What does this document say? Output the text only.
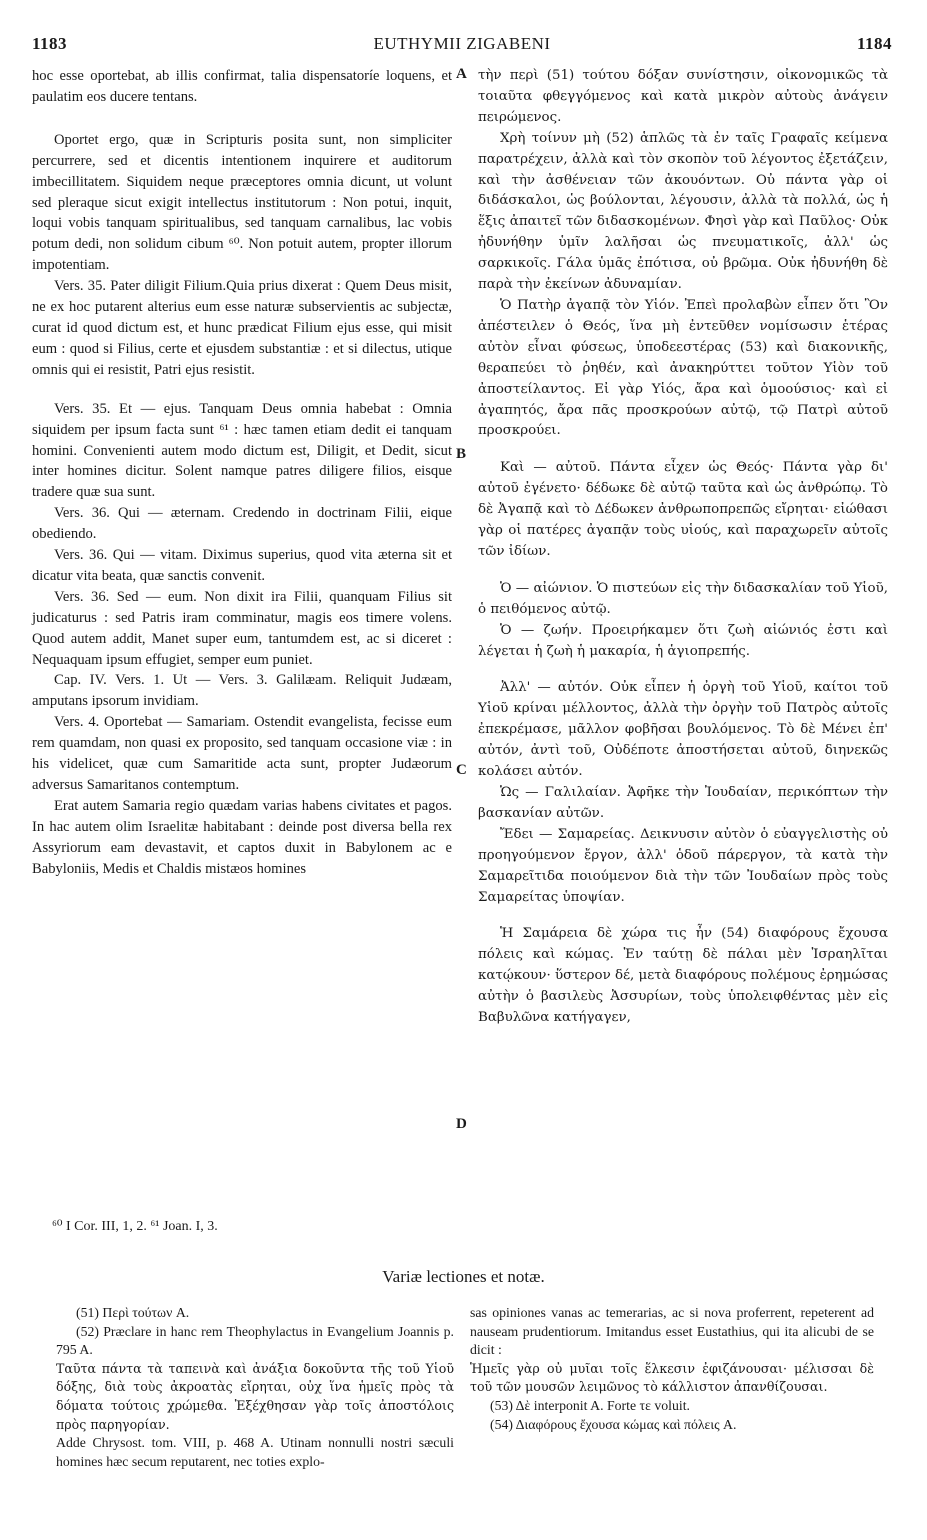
1183	EUTHYMII ZIGABENI	1184
A
B
C
D

hoc esse oportebat, ab illis confirmat, talia dispensatoríe loquens, et paulatim eos ducere tentans.

Oportet ergo, quæ in Scripturis posita sunt, non simpliciter percurrere, sed et dicentis intentionem inquirere et auditorum imbecillitatem. Siquidem neque præceptores omnia dicunt, ut volunt sed pleraque sicut exigit intellectus institutorum : Non potui, inquit, loqui vobis tanquam spiritualibus, sed tanquam carnalibus, lac vobis potum dedi, non solidum cibum ⁶⁰. Non potuit autem, propter illorum impotentiam.

Vers. 35. Pater diligit Filium.Quia prius dixerat : Quem Deus misit, ne ex hoc putarent alterius eum esse naturæ subservientis ac subjectæ, curat id quod dictum est, et hunc prædicat Filium ejus esse, qui misit eum : quod si Filius, certe et ejusdem substantiæ : et si dilectus, utique omnis qui ei resistit, Patri ejus resistit.

Vers. 35. Et — ejus. Tanquam Deus omnia habebat : Omnia siquidem per ipsum facta sunt ⁶¹ : hæc tamen etiam dedit ei tanquam homini. Convenienti autem modo dictum est, Diligit, et Dedit, sicut inter homines dicitur. Solent namque patres diligere filios, eisque tradere quæ sua sunt.

Vers. 36. Qui — æternam. Credendo in doctrinam Filii, eique obediendo.

Vers. 36. Qui — vitam. Diximus superius, quod vita æterna sit et dicatur vita beata, quæ sanctis convenit.

Vers. 36. Sed — eum. Non dixit ira Filii, quanquam Filius sit judicaturus : sed Patris iram comminatur, magis eos timere volens. Quod autem addit, Manet super eum, tantumdem est, ac si diceret : Nequaquam ipsum effugiet, semper eum puniet.

Cap. IV. Vers. 1. Ut — Vers. 3. Galilæam. Reliquit Judæam, amputans ipsorum invidiam.

Vers. 4. Oportebat — Samariam. Ostendit evangelista, fecisse eum rem quamdam, non quasi ex proposito, sed tanquam occasione viæ : in his videlicet, quæ cum Samaritide acta sunt, propter Judæorum adversus Samaritanos contemptum.

Erat autem Samaria regio quædam varias habens civitates et pagos. In hac autem olim Israelitæ habitabant : deinde post diversa bella rex Assyriorum eam devastavit, et captos duxit in Babylonem ac e Babyloniis, Medis et Chaldis mistæos homines

τὴν περὶ (51) τούτου δόξαν συνίστησιν, οἰκονομικῶς τὰ τοιαῦτα φθεγγόμενος καὶ κατὰ μικρὸν αὐτοὺς ἀνάγειν πειρώμενος.

Χρὴ τοίνυν μὴ (52) ἁπλῶς τὰ ἐν ταῖς Γραφαῖς κείμενα παρατρέχειν, ἀλλὰ καὶ τὸν σκοπὸν τοῦ λέγοντος ἐξετάζειν, καὶ τὴν ἀσθένειαν τῶν ἀκουόντων. Οὐ πάντα γὰρ οἱ διδάσκαλοι, ὡς βούλονται, λέγουσιν, ἀλλὰ τὰ πολλά, ὡς ἡ ἕξις ἀπαιτεῖ τῶν διδασκομένων. Φησὶ γὰρ καὶ Παῦλος· Οὐκ ἠδυνήθην ὑμῖν λαλῆσαι ὡς πνευματικοῖς, ἀλλ' ὡς σαρκικοῖς. Γάλα ὑμᾶς ἐπότισα, οὐ βρῶμα. Οὐκ ἠδυνήθη δὲ παρὰ τὴν ἐκείνων ἀδυναμίαν.

Ὁ Πατὴρ ἀγαπᾷ τὸν Υἱόν. Ἐπεὶ προλαβὼν εἶπεν ὅτι Ὃν ἀπέστειλεν ὁ Θεός, ἵνα μὴ ἐντεῦθεν νομίσωσιν ἑτέρας αὐτὸν εἶναι φύσεως, ὑποδεεστέρας (53) καὶ διακονικῆς, θεραπεύει τὸ ῥηθέν, καὶ ἀνακηρύττει τοῦτον Υἱὸν τοῦ ἀποστείλαντος. Εἰ γὰρ Υἱός, ἄρα καὶ ὁμοούσιος· καὶ εἰ ἀγαπητός, ἄρα πᾶς προσκρούων αὐτῷ, τῷ Πατρὶ αὐτοῦ προσκρούει.

Καὶ — αὐτοῦ. Πάντα εἶχεν ὡς Θεός· Πάντα γὰρ δι' αὐτοῦ ἐγένετο· δέδωκε δὲ αὐτῷ ταῦτα καὶ ὡς ἀνθρώπῳ. Τὸ δὲ Ἀγαπᾷ καὶ τὸ Δέδωκεν ἀνθρωποπρεπῶς εἴρηται· εἰώθασι γὰρ οἱ πατέρες ἀγαπᾷν τοὺς υἱούς, καὶ παραχωρεῖν αὐτοῖς τῶν ἰδίων.

Ὁ — αἰώνιον. Ὁ πιστεύων εἰς τὴν διδασκαλίαν τοῦ Υἱοῦ, ὁ πειθόμενος αὐτῷ.

Ὁ — ζωήν. Προειρήκαμεν ὅτι ζωὴ αἰώνιός ἐστι καὶ λέγεται ἡ ζωὴ ἡ μακαρία, ἡ ἁγιοπρεπής.

Ἀλλ' — αὐτόν. Οὐκ εἶπεν ἡ ὀργὴ τοῦ Υἱοῦ, καίτοι τοῦ Υἱοῦ κρίναι μέλλοντος, ἀλλὰ τὴν ὀργὴν τοῦ Πατρὸς αὐτοῖς ἐπεκρέμασε, μᾶλλον φοβῆσαι βουλόμενος. Τὸ δὲ Μένει ἐπ' αὐτόν, ἀντὶ τοῦ, Οὐδέποτε ἀποστήσεται αὐτοῦ, διηνεκῶς κολάσει αὐτόν.

Ὡς — Γαλιλαίαν. Ἀφῆκε τὴν Ἰουδαίαν, περικόπτων τὴν βασκανίαν αὐτῶν.

Ἔδει — Σαμαρείας. Δεικνυσιν αὐτὸν ὁ εὐαγγελιστὴς οὐ προηγούμενον ἔργον, ἀλλ' ὁδοῦ πάρεργον, τὰ κατὰ τὴν Σαμαρεῖτιδα ποιούμενον διὰ τὴν τῶν Ἰουδαίων πρὸς τοὺς Σαμαρείτας ὑποψίαν.

Ἡ Σαμάρεια δὲ χώρα τις ἦν (54) διαφόρους ἔχουσα πόλεις καὶ κώμας. Ἐν ταύτῃ δὲ πάλαι μὲν Ἰσραηλῖται κατῴκουν· ὕστερον δέ, μετὰ διαφόρους πολέμους ἐρημώσας αὐτὴν ὁ βασιλεὺς Ἀσσυρίων, τοὺς ὑπολειφθέντας μὲν εἰς Βαβυλῶνα κατήγαγεν,

⁶⁰ I Cor. III, 1, 2. ⁶¹ Joan. I, 3.
Variæ lectiones et notæ.

(51) Περὶ τούτων A.

(52) Præclare in hanc rem Theophylactus in Evangelium Joannis p. 795 A.

Ταῦτα πάντα τὰ ταπεινὰ καὶ ἀνάξια δοκοῦντα τῆς τοῦ Υἱοῦ δόξης, διὰ τοὺς ἀκροατὰς εἴρηται, οὐχ ἵνα ἡμεῖς πρὸς τὰ δόματα τούτοις χρώμεθα. Ἐξέχθησαν γὰρ τοῖς ἀποστόλοις πρὸς παρηγορίαν.

Adde Chrysost. tom. VIII, p. 468 A. Utinam nonnulli nostri sæculi homines hæc secum reputarent, nec toties explo-

sas opiniones vanas ac temerarias, ac si nova proferrent, repeterent ad nauseam prudentiorum. Imitandus esset Eustathius, qui ita alicubi de se dicit :

Ἡμεῖς γὰρ οὐ μυῖαι τοῖς ἕλκεσιν ἐφιζάνουσαι· μέλισσαι δὲ τοῦ τῶν μουσῶν λειμῶνος τὸ κάλλιστον ἀπανθίζουσαι.

(53) Δὲ interponit A. Forte τε voluit.

(54) Διαφόρους ἔχουσα κώμας καὶ πόλεις A.
